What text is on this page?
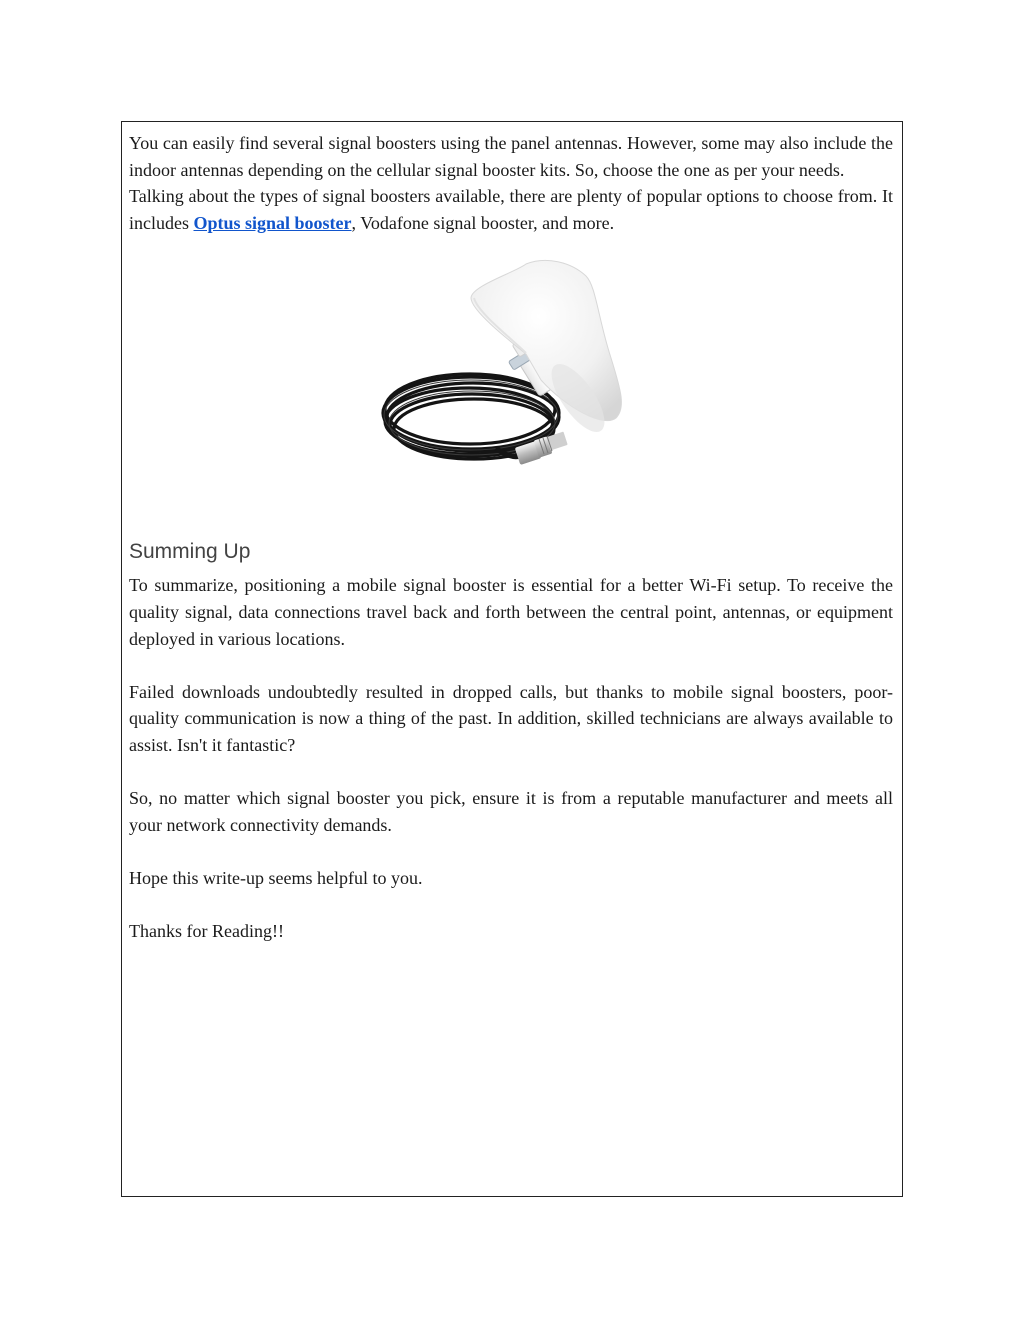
You can easily find several signal boosters using the panel antennas. However, some may also include the indoor antennas depending on the cellular signal booster kits. So, choose the one as per your needs.

Talking about the types of signal boosters available, there are plenty of popular options to choose from. It includes Optus signal booster, Vodafone signal booster, and more.

Summing Up

To summarize, positioning a mobile signal booster is essential for a better Wi-Fi setup. To receive the quality signal, data connections travel back and forth between the central point, antennas, or equipment deployed in various locations.

Failed downloads undoubtedly resulted in dropped calls, but thanks to mobile signal boosters, poor-quality communication is now a thing of the past. In addition, skilled technicians are always available to assist. Isn't it fantastic?

So, no matter which signal booster you pick, ensure it is from a reputable manufacturer and meets all your network connectivity demands.

Hope this write-up seems helpful to you.

Thanks for Reading!!
